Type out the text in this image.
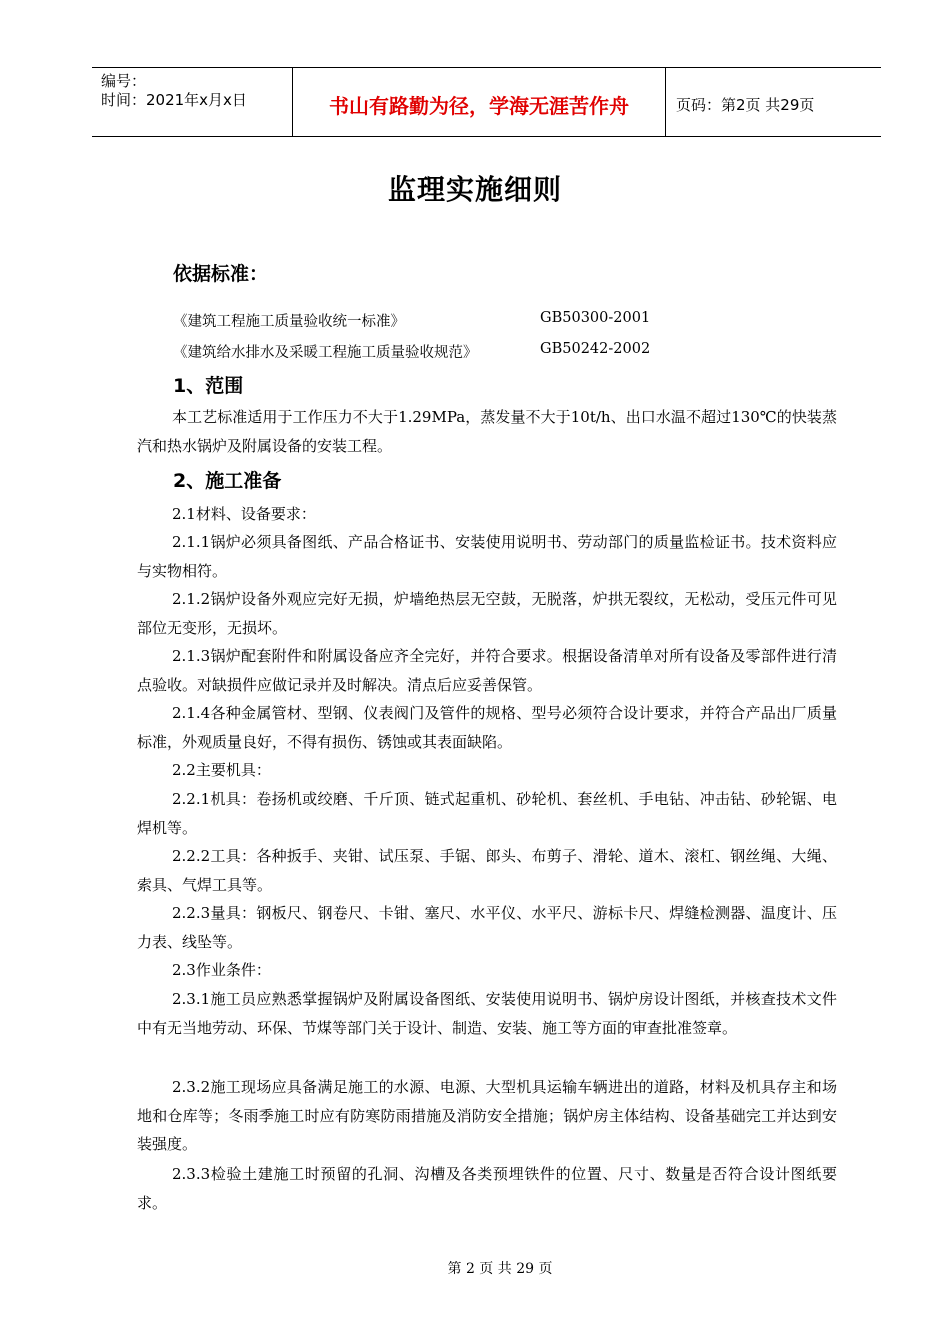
编号：
时间：2021年x月x日	书山有路勤为径，学海无涯苦作舟	页码：第2页 共29页
监理实施细则
依据标准：
《建筑工程施工质量验收统一标准》	GB50300-2001
《建筑给水排水及采暖工程施工质量验收规范》	GB50242-2002
1、范围

本工艺标准适用于工作压力不大于1.29MPa，蒸发量不大于10t/h、出口水温不超过130℃的快装蒸汽和热水锅炉及附属设备的安装工程。

2、施工准备

2.1材料、设备要求：

2.1.1锅炉必须具备图纸、产品合格证书、安装使用说明书、劳动部门的质量监检证书。技术资料应与实物相符。

2.1.2锅炉设备外观应完好无损，炉墙绝热层无空鼓，无脱落，炉拱无裂纹，无松动，受压元件可见部位无变形，无损坏。

2.1.3锅炉配套附件和附属设备应齐全完好，并符合要求。根据设备清单对所有设备及零部件进行清点验收。对缺损件应做记录并及时解决。清点后应妥善保管。

2.1.4各种金属管材、型钢、仪表阀门及管件的规格、型号必须符合设计要求，并符合产品出厂质量标准，外观质量良好，不得有损伤、锈蚀或其表面缺陷。

2.2主要机具：

2.2.1机具：卷扬机或绞磨、千斤顶、链式起重机、砂轮机、套丝机、手电钻、冲击钻、砂轮锯、电焊机等。

2.2.2工具：各种扳手、夹钳、试压泵、手锯、郎头、布剪子、滑轮、道木、滚杠、钢丝绳、大绳、索具、气焊工具等。

2.2.3量具：钢板尺、钢卷尺、卡钳、塞尺、水平仪、水平尺、游标卡尺、焊缝检测器、温度计、压力表、线坠等。

2.3作业条件：

2.3.1施工员应熟悉掌握锅炉及附属设备图纸、安装使用说明书、锅炉房设计图纸，并核查技术文件中有无当地劳动、环保、节煤等部门关于设计、制造、安装、施工等方面的审查批准签章。

2.3.2施工现场应具备满足施工的水源、电源、大型机具运输车辆进出的道路，材料及机具存主和场地和仓库等；冬雨季施工时应有防寒防雨措施及消防安全措施；锅炉房主体结构、设备基础完工并达到安装强度。

2.3.3检验土建施工时预留的孔洞、沟槽及各类预埋铁件的位置、尺寸、数量是否符合设计图纸要求。

第 2 页 共 29 页
